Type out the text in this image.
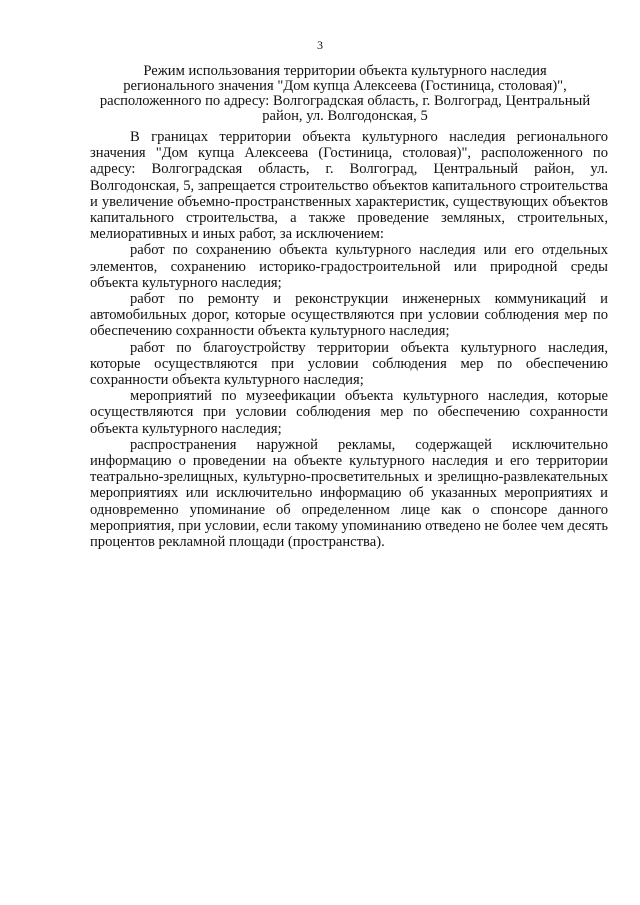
3
Режим использования территории объекта культурного наследия
регионального значения "Дом купца Алексеева (Гостиница, столовая)",
расположенного по адресу: Волгоградская область, г. Волгоград, Центральный
район, ул. Волгодонская, 5

В границах территории объекта культурного наследия регионального значения "Дом купца Алексеева (Гостиница, столовая)", расположенного по адресу: Волгоградская область, г. Волгоград, Центральный район, ул. Волгодонская, 5, запрещается строительство объектов капитального строительства и увеличение объемно-пространственных характеристик, существующих объектов капитального строительства, а также проведение земляных, строительных, мелиоративных и иных работ, за исключением:

работ по сохранению объекта культурного наследия или его отдельных элементов, сохранению историко-градостроительной или природной среды объекта культурного наследия;

работ по ремонту и реконструкции инженерных коммуникаций и автомобильных дорог, которые осуществляются при условии соблюдения мер по обеспечению сохранности объекта культурного наследия;

работ по благоустройству территории объекта культурного наследия, которые осуществляются при условии соблюдения мер по обеспечению сохранности объекта культурного наследия;

мероприятий по музеефикации объекта культурного наследия, которые осуществляются при условии соблюдения мер по обеспечению сохранности объекта культурного наследия;

распространения наружной рекламы, содержащей исключительно информацию о проведении на объекте культурного наследия и его территории театрально-зрелищных, культурно-просветительных и зрелищно-развлекательных мероприятиях или исключительно информацию об указанных мероприятиях и одновременно упоминание об определенном лице как о спонсоре данного мероприятия, при условии, если такому упоминанию отведено не более чем десять процентов рекламной площади (пространства).
